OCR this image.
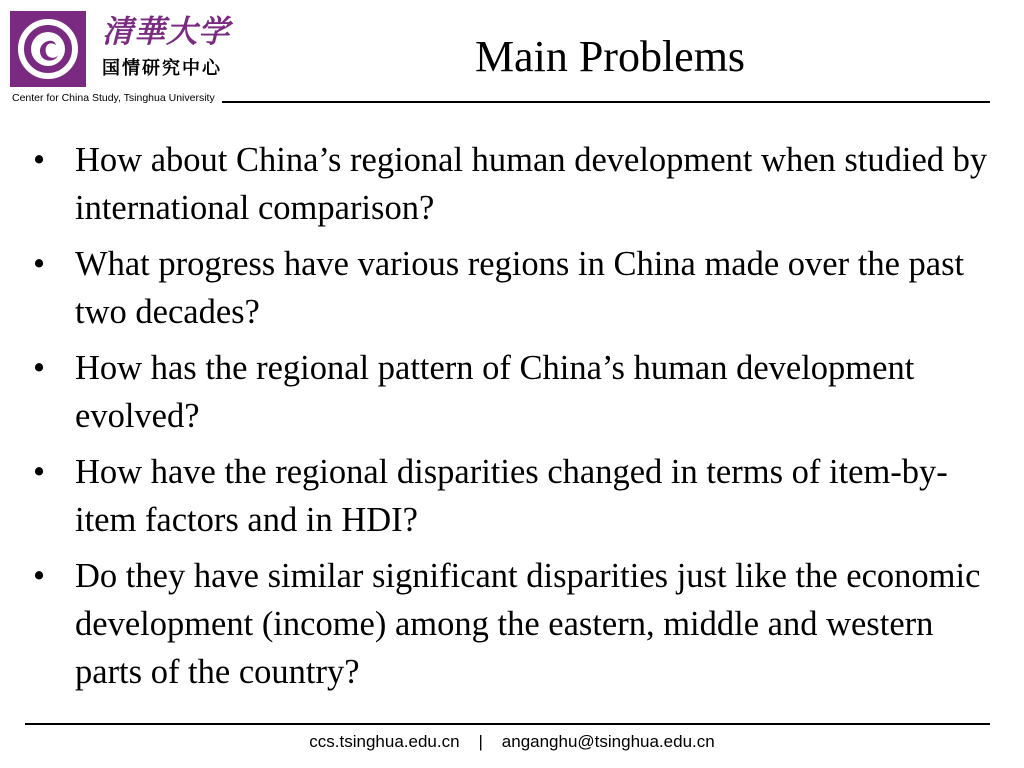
清華大学
国情研究中心
Center for China Study, Tsinghua University
Main Problems
• How about China’s regional human development when studied by international comparison?
• What progress have various regions in China made over the past two decades?
• How has the regional pattern of China’s human development evolved?
• How have the regional disparities changed in terms of item-by-item factors and in HDI?
• Do they have similar significant disparities just like the economic development (income) among the eastern, middle and western parts of the country?
ccs.tsinghua.edu.cn | anganghu@tsinghua.edu.cn
